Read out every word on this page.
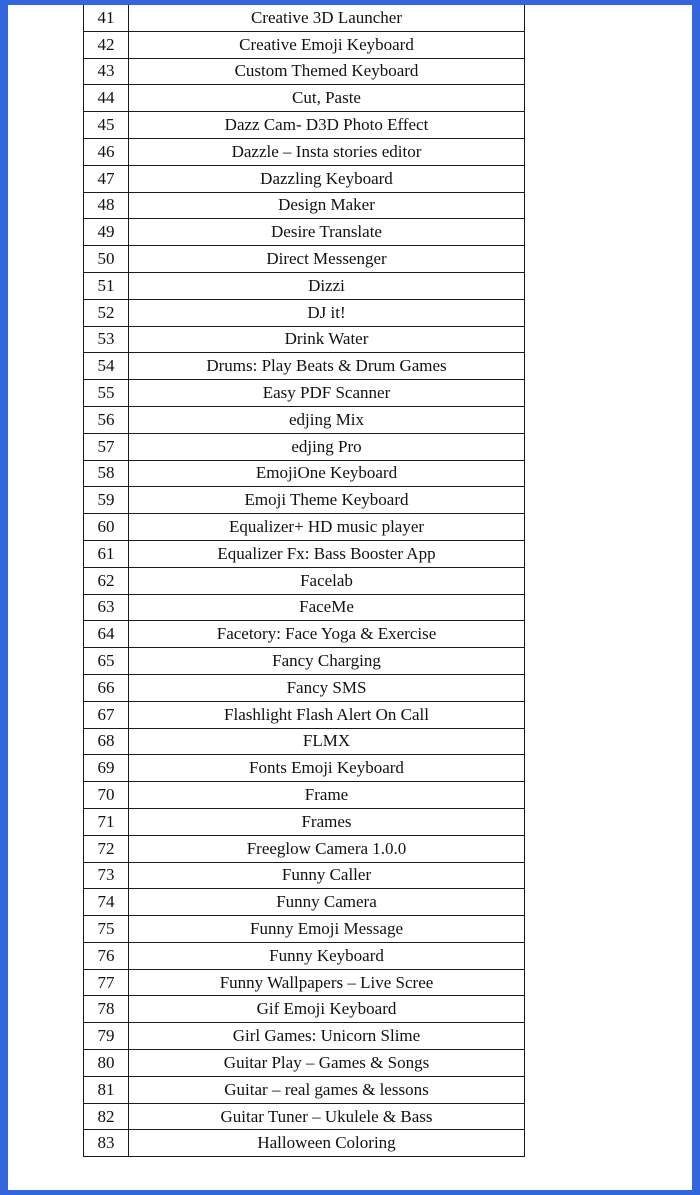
41	Creative 3D Launcher
42	Creative Emoji Keyboard
43	Custom Themed Keyboard
44	Cut, Paste
45	Dazz Cam- D3D Photo Effect
46	Dazzle – Insta stories editor
47	Dazzling Keyboard
48	Design Maker
49	Desire Translate
50	Direct Messenger
51	Dizzi
52	DJ it!
53	Drink Water
54	Drums: Play Beats & Drum Games
55	Easy PDF Scanner
56	edjing Mix
57	edjing Pro
58	EmojiOne Keyboard
59	Emoji Theme Keyboard
60	Equalizer+ HD music player
61	Equalizer Fx: Bass Booster App
62	Facelab
63	FaceMe
64	Facetory: Face Yoga & Exercise
65	Fancy Charging
66	Fancy SMS
67	Flashlight Flash Alert On Call
68	FLMX
69	Fonts Emoji Keyboard
70	Frame
71	Frames
72	Freeglow Camera 1.0.0
73	Funny Caller
74	Funny Camera
75	Funny Emoji Message
76	Funny Keyboard
77	Funny Wallpapers – Live Scree
78	Gif Emoji Keyboard
79	Girl Games: Unicorn Slime
80	Guitar Play – Games & Songs
81	Guitar – real games & lessons
82	Guitar Tuner – Ukulele & Bass
83	Halloween Coloring
